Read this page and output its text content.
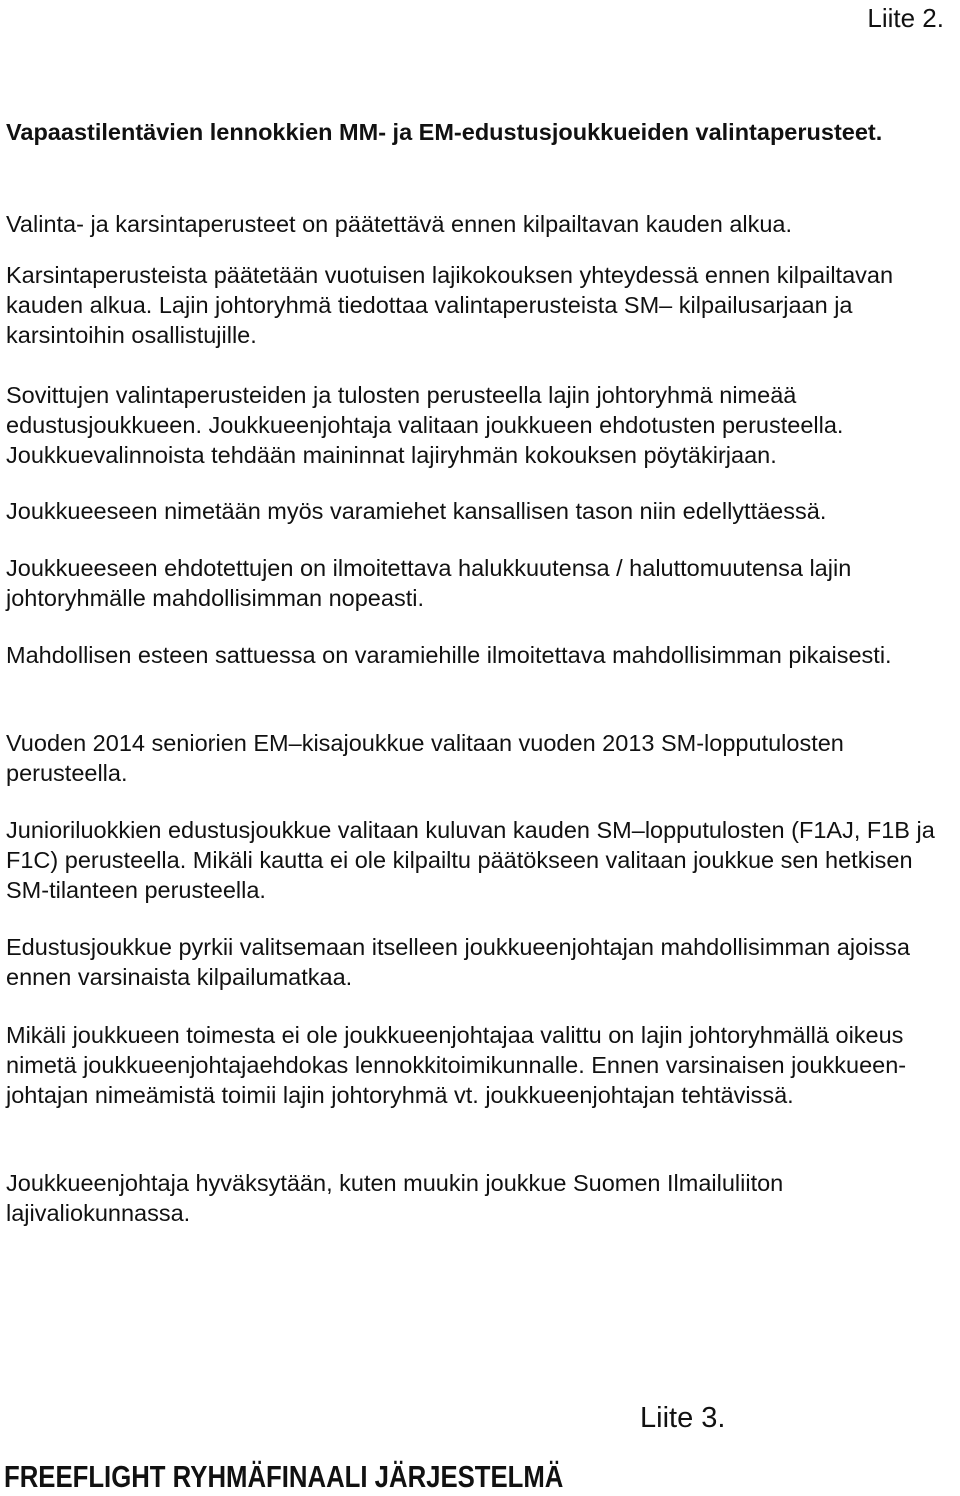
Liite 2.
Vapaastilentävien lennokkien MM- ja EM-edustusjoukkueiden valintaperusteet.

Valinta- ja karsintaperusteet on päätettävä ennen kilpailtavan kauden alkua.

Karsintaperusteista päätetään vuotuisen lajikokouksen yhteydessä ennen kilpailtavan kauden alkua. Lajin johtoryhmä tiedottaa valintaperusteista SM– kilpailusarjaan ja karsintoihin osallistujille.

Sovittujen valintaperusteiden ja tulosten perusteella lajin johtoryhmä nimeää edustusjoukkueen. Joukkueenjohtaja valitaan joukkueen ehdotusten perusteella. Joukkuevalinnoista tehdään maininnat lajiryhmän kokouksen pöytäkirjaan.

Joukkueeseen nimetään myös varamiehet kansallisen tason niin edellyttäessä.

Joukkueeseen ehdotettujen on ilmoitettava halukkuutensa / haluttomuutensa lajin johtoryhmälle mahdollisimman nopeasti.

Mahdollisen esteen sattuessa on varamiehille ilmoitettava mahdollisimman pikaisesti.

Vuoden 2014 seniorien EM–kisajoukkue valitaan vuoden 2013 SM-lopputulosten perusteella.

Junioriluokkien edustusjoukkue valitaan kuluvan kauden SM–lopputulosten (F1AJ, F1B ja F1C) perusteella. Mikäli kautta ei ole kilpailtu päätökseen valitaan joukkue sen hetkisen SM-tilanteen perusteella.

Edustusjoukkue pyrkii valitsemaan itselleen joukkueenjohtajan mahdollisimman ajoissa ennen varsinaista kilpailumatkaa.

Mikäli joukkueen toimesta ei ole joukkueenjohtajaa valittu on lajin johtoryhmällä oikeus nimetä joukkueenjohtajaehdokas lennokkitoimikunnalle. Ennen varsinaisen joukkueen- johtajan nimeämistä toimii lajin johtoryhmä vt. joukkueenjohtajan tehtävissä.

Joukkueenjohtaja hyväksytään, kuten muukin joukkue Suomen Ilmailuliiton lajivaliokunnassa.

Liite 3.
FREEFLIGHT RYHMÄFINAALI JÄRJESTELMÄ
